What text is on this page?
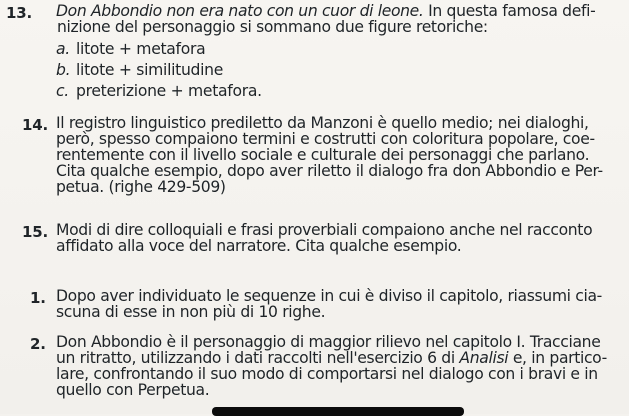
13. Don Abbondio non era nato con un cuor di leone. In questa famosa defi-
nizione del personaggio si sommano due figure retoriche:
a. litote + metafora
b. litote + similitudine
c. preterizione + metafora.
14. Il registro linguistico prediletto da Manzoni è quello medio; nei dialoghi,
però, spesso compaiono termini e costrutti con coloritura popolare, coe-
rentemente con il livello sociale e culturale dei personaggi che parlano.
Cita qualche esempio, dopo aver riletto il dialogo fra don Abbondio e Per-
petua. (righe 429-509)
15. Modi di dire colloquiali e frasi proverbiali compaiono anche nel racconto
affidato alla voce del narratore. Cita qualche esempio.
1. Dopo aver individuato le sequenze in cui è diviso il capitolo, riassumi cia-
scuna di esse in non più di 10 righe.
2. Don Abbondio è il personaggio di maggior rilievo nel capitolo I. Tracciane
un ritratto, utilizzando i dati raccolti nell'esercizio 6 di Analisi e, in partico-
lare, confrontando il suo modo di comportarsi nel dialogo con i bravi e in
quello con Perpetua.
